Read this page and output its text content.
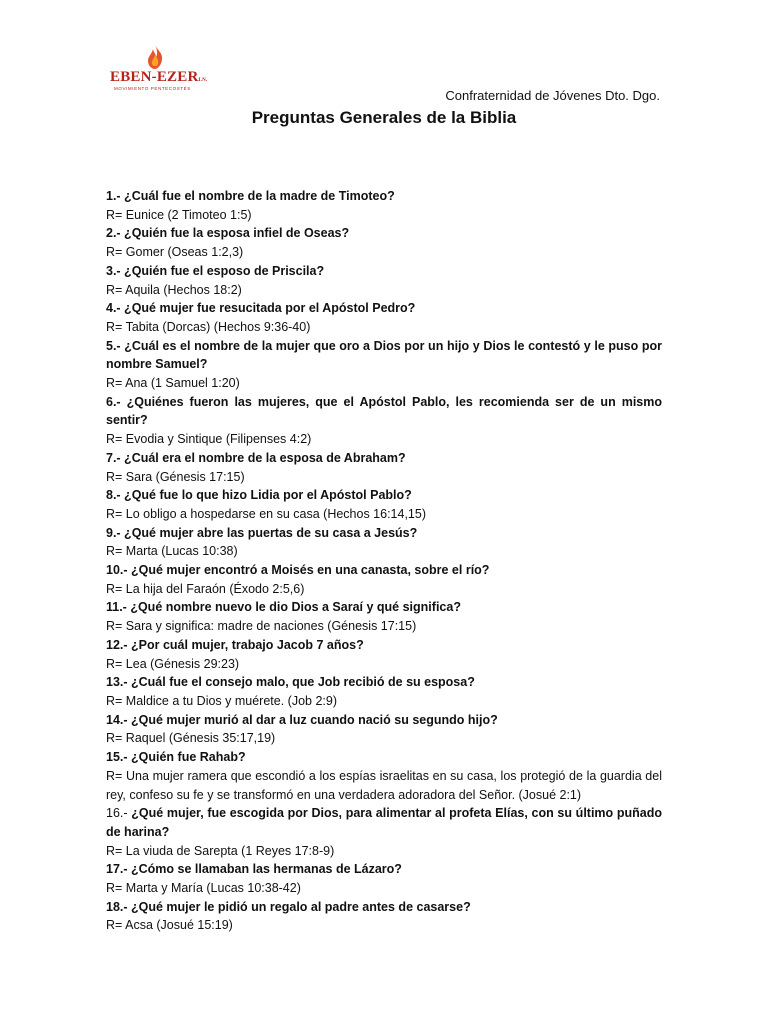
EBEN-EZERI.N.
MOVIMIENTO PENTECOSTÉS	Confraternidad de Jóvenes Dto. Dgo.
Preguntas Generales de la Biblia
1.- ¿Cuál fue el nombre de la madre de Timoteo?
R= Eunice (2 Timoteo 1:5)
2.- ¿Quién fue la esposa infiel de Oseas?
R= Gomer (Oseas 1:2,3)
3.- ¿Quién fue el esposo de Priscila?
R= Aquila (Hechos 18:2)
4.- ¿Qué mujer fue resucitada por el Apóstol Pedro?
R= Tabita (Dorcas) (Hechos 9:36-40)
5.- ¿Cuál es el nombre de la mujer que oro a Dios por un hijo y Dios le contestó y le puso por nombre Samuel?
R= Ana (1 Samuel 1:20)
6.- ¿Quiénes fueron las mujeres, que el Apóstol Pablo, les recomienda ser de un mismo sentir?
R= Evodia y Sintique (Filipenses 4:2)
7.- ¿Cuál era el nombre de la esposa de Abraham?
R= Sara (Génesis 17:15)
8.- ¿Qué fue lo que hizo Lidia por el Apóstol Pablo?
R= Lo obligo a hospedarse en su casa (Hechos 16:14,15)
9.- ¿Qué mujer abre las puertas de su casa a Jesús?
R= Marta (Lucas 10:38)
10.- ¿Qué mujer encontró a Moisés en una canasta, sobre el río?
R= La hija del Faraón (Éxodo 2:5,6)
11.- ¿Qué nombre nuevo le dio Dios a Saraí y qué significa?
R= Sara y significa: madre de naciones (Génesis 17:15)
12.- ¿Por cuál mujer, trabajo Jacob 7 años?
R= Lea (Génesis 29:23)
13.- ¿Cuál fue el consejo malo, que Job recibió de su esposa?
R= Maldice a tu Dios y muérete. (Job 2:9)
14.- ¿Qué mujer murió al dar a luz cuando nació su segundo hijo?
R= Raquel (Génesis 35:17,19)
15.- ¿Quién fue Rahab?
R= Una mujer ramera que escondió a los espías israelitas en su casa, los protegió de la guardia del rey, confeso su fe y se transformó en una verdadera adoradora del Señor. (Josué 2:1)
16.- ¿Qué mujer, fue escogida por Dios, para alimentar al profeta Elías, con su último puñado de harina?
R= La viuda de Sarepta (1 Reyes 17:8-9)
17.- ¿Cómo se llamaban las hermanas de Lázaro?
R= Marta y María (Lucas 10:38-42)
18.- ¿Qué mujer le pidió un regalo al padre antes de casarse?
R= Acsa (Josué 15:19)
